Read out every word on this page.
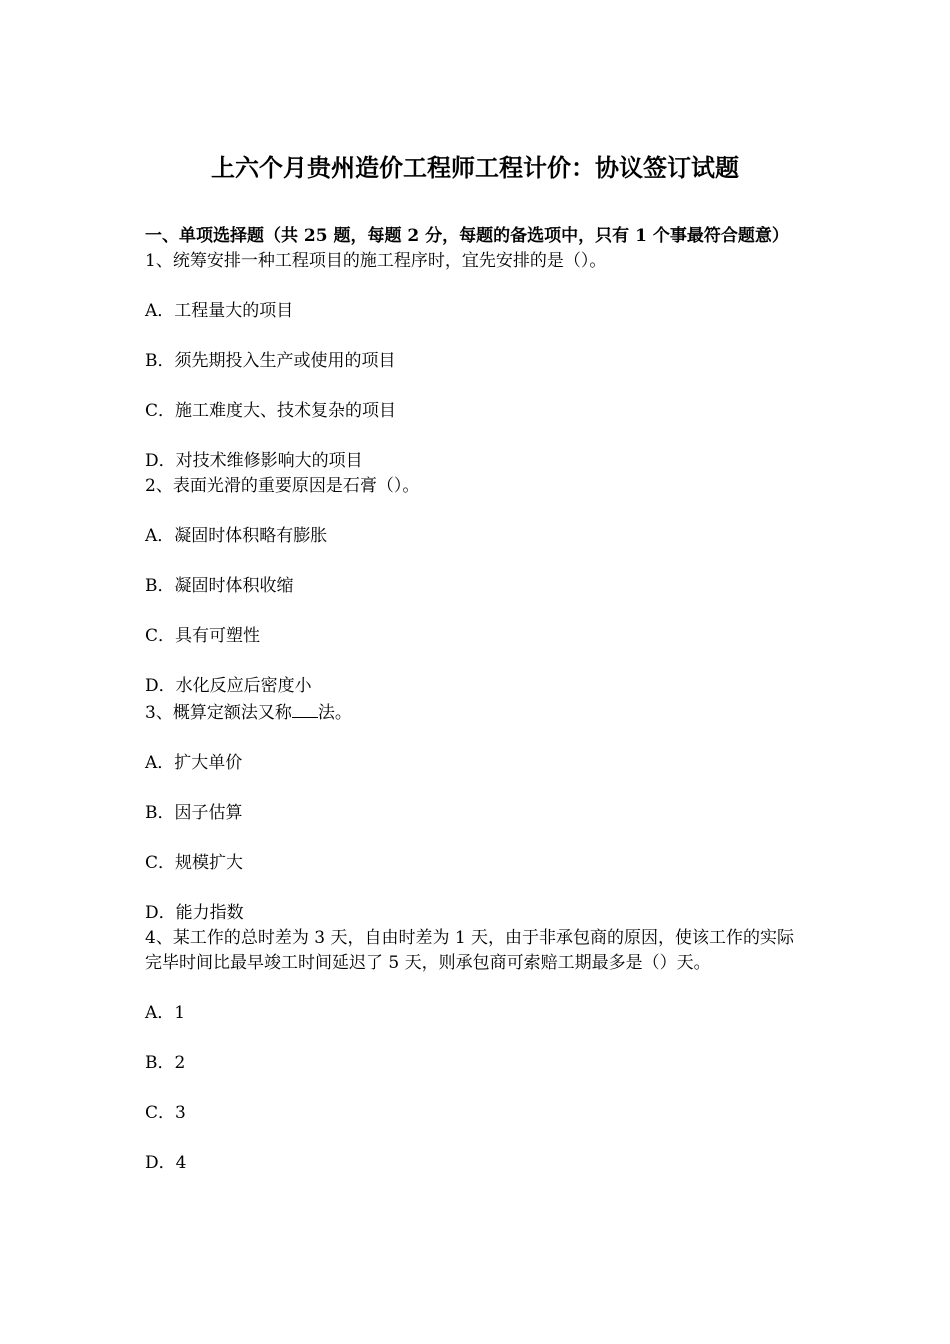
上六个月贵州造价工程师工程计价：协议签订试题

一、单项选择题（共 25 题，每题 2 分，每题的备选项中，只有 1 个事最符合题意）

1、统筹安排一种工程项目的施工程序时，宜先安排的是（）。

A．工程量大的项目

B．须先期投入生产或使用的项目

C．施工难度大、技术复杂的项目

D．对技术维修影响大的项目

2、表面光滑的重要原因是石膏（）。

A．凝固时体积略有膨胀

B．凝固时体积收缩

C．具有可塑性

D．水化反应后密度小

3、概算定额法又称 法。

A．扩大单价

B．因子估算

C．规模扩大

D．能力指数

4、某工作的总时差为 3 天，自由时差为 1 天，由于非承包商的原因，使该工作的实际完毕时间比最早竣工时间延迟了 5 天，则承包商可索赔工期最多是（）天。

A．1

B．2

C．3

D．4
